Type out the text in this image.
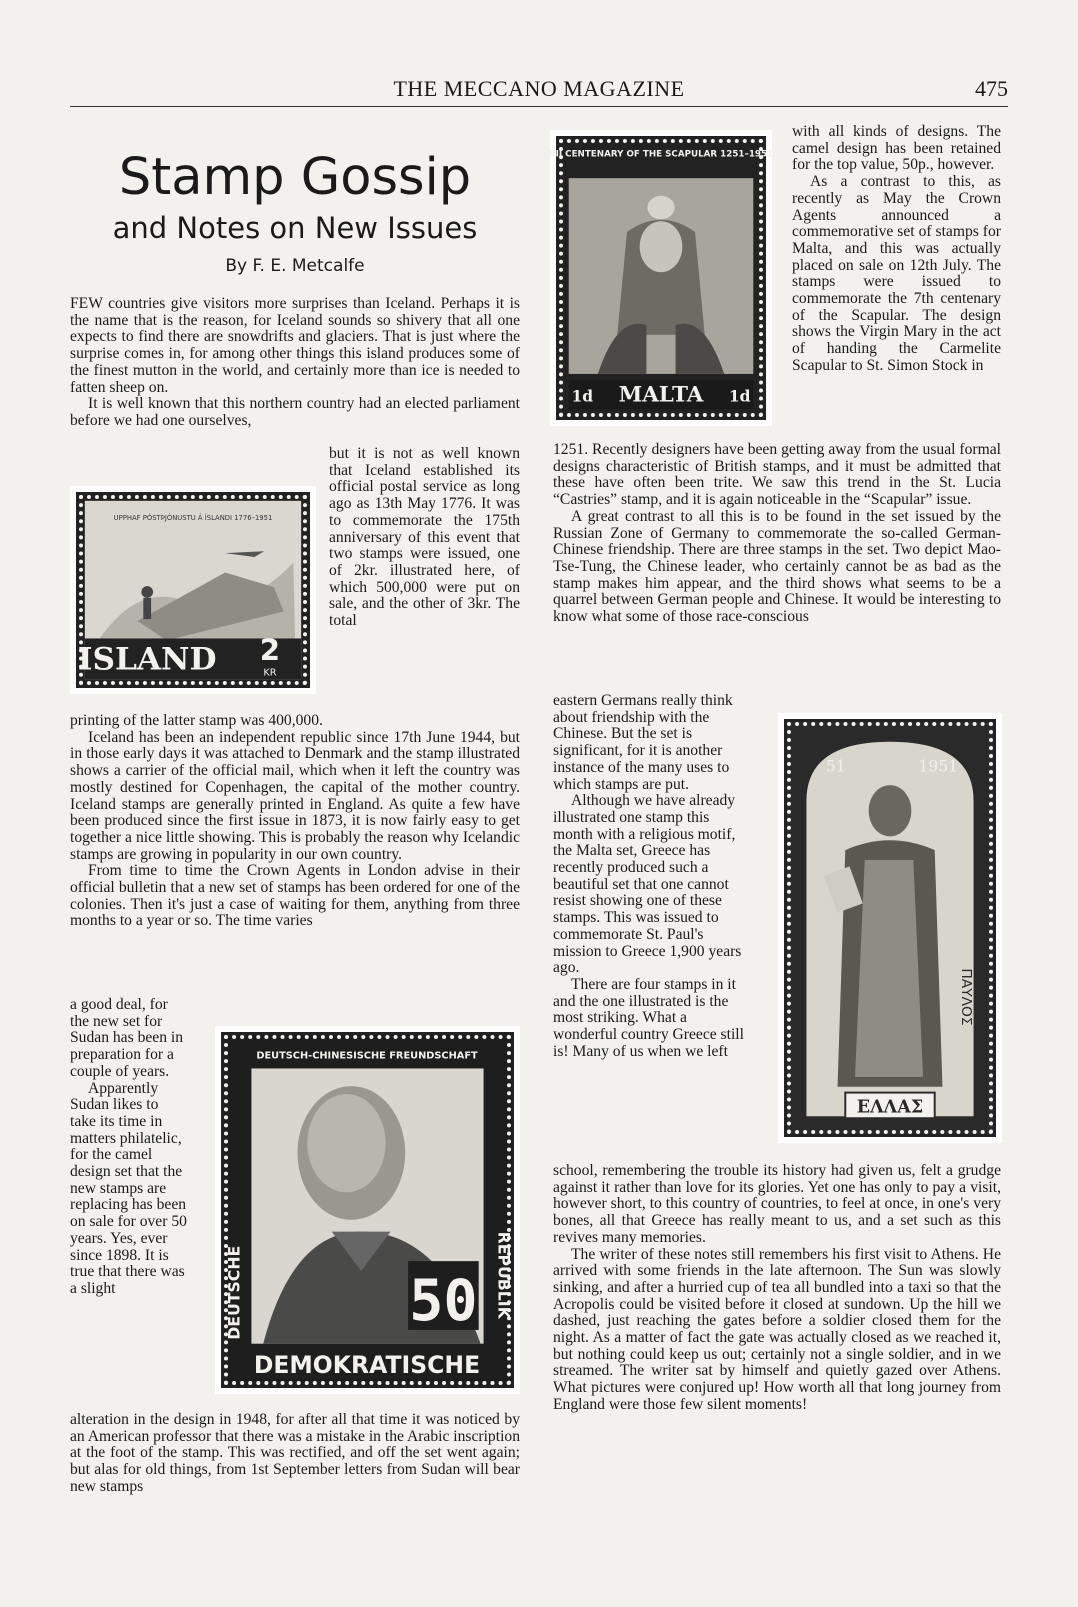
THE MECCANO MAGAZINE	475
Stamp Gossip
and Notes on New Issues
By F. E. Metcalfe

FEW countries give visitors more surprises than Iceland. Perhaps it is the name that is the reason, for Iceland sounds so shivery that all one expects to find there are snowdrifts and glaciers. That is just where the surprise comes in, for among other things this island produces some of the finest mutton in the world, and certainly more than ice is needed to fatten sheep on.

It is well known that this northern country had an elected parliament before we had one ourselves,

UPPHAF PÓSTÞJÓNUSTU Á ÍSLANDI 1776–1951
ISLAND 2
KR

but it is not as well known that Iceland established its official postal service as long ago as 13th May 1776. It was to commemorate the 175th anniversary of this event that two stamps were issued, one of 2kr. illustrated here, of which 500,000 were put on sale, and the other of 3kr. The total

printing of the latter stamp was 400,000.

Iceland has been an independent republic since 17th June 1944, but in those early days it was attached to Denmark and the stamp illustrated shows a carrier of the official mail, which when it left the country was mostly destined for Copenhagen, the capital of the mother country. Iceland stamps are generally printed in England. As quite a few have been produced since the first issue in 1873, it is now fairly easy to get together a nice little showing. This is probably the reason why Icelandic stamps are growing in popularity in our own country.

From time to time the Crown Agents in London advise in their official bulletin that a new set of stamps has been ordered for one of the colonies. Then it's just a case of waiting for them, anything from three months to a year or so. The time varies

a good deal, for the new set for Sudan has been in preparation for a couple of years.

Apparently Sudan likes to take its time in matters philatelic, for the camel design set that the new stamps are replacing has been on sale for over 50 years. Yes, ever since 1898. It is true that there was a slight

DEUTSCH-CHINESISCHE FREUNDSCHAFT
50
DEMOKRATISCHE
DEUTSCHE	REPUBLIK

alteration in the design in 1948, for after all that time it was noticed by an American professor that there was a mistake in the Arabic inscription at the foot of the stamp. This was rectified, and off the set went again; but alas for old things, from 1st September letters from Sudan will bear new stamps

VII CENTENARY OF THE SCAPULAR 1251–1951
MALTA
1d	1d

with all kinds of designs. The camel design has been retained for the top value, 50p., however.

As a contrast to this, as recently as May the Crown Agents announced a commemorative set of stamps for Malta, and this was actually placed on sale on 12th July. The stamps were issued to commemorate the 7th centenary of the Scapular. The design shows the Virgin Mary in the act of handing the Carmelite Scapular to St. Simon Stock in

1251. Recently designers have been getting away from the usual formal designs characteristic of British stamps, and it must be admitted that these have often been trite. We saw this trend in the St. Lucia “Castries” stamp, and it is again noticeable in the “Scapular” issue.

A great contrast to all this is to be found in the set issued by the Russian Zone of Germany to commemorate the so-called German-Chinese friendship. There are three stamps in the set. Two depict Mao-Tse-Tung, the Chinese leader, who certainly cannot be as bad as the stamp makes him appear, and the third shows what seems to be a quarrel between German people and Chinese. It would be interesting to know what some of those race-conscious

eastern Germans really think about friendship with the Chinese. But the set is significant, for it is another instance of the many uses to which stamps are put.

Although we have already illustrated one stamp this month with a religious motif, the Malta set, Greece has recently produced such a beautiful set that one cannot resist showing one of these stamps. This was issued to commemorate St. Paul's mission to Greece 1,900 years ago.

There are four stamps in it and the one illustrated is the most striking. What a wonderful country Greece still is! Many of us when we left

51	1951
ΠΑΥΛΟΣ
ΕΛΛΑΣ

school, remembering the trouble its history had given us, felt a grudge against it rather than love for its glories. Yet one has only to pay a visit, however short, to this country of countries, to feel at once, in one's very bones, all that Greece has really meant to us, and a set such as this revives many memories.

The writer of these notes still remembers his first visit to Athens. He arrived with some friends in the late afternoon. The Sun was slowly sinking, and after a hurried cup of tea all bundled into a taxi so that the Acropolis could be visited before it closed at sundown. Up the hill we dashed, just reaching the gates before a soldier closed them for the night. As a matter of fact the gate was actually closed as we reached it, but nothing could keep us out; certainly not a single soldier, and in we streamed. The writer sat by himself and quietly gazed over Athens. What pictures were conjured up! How worth all that long journey from England were those few silent moments!
